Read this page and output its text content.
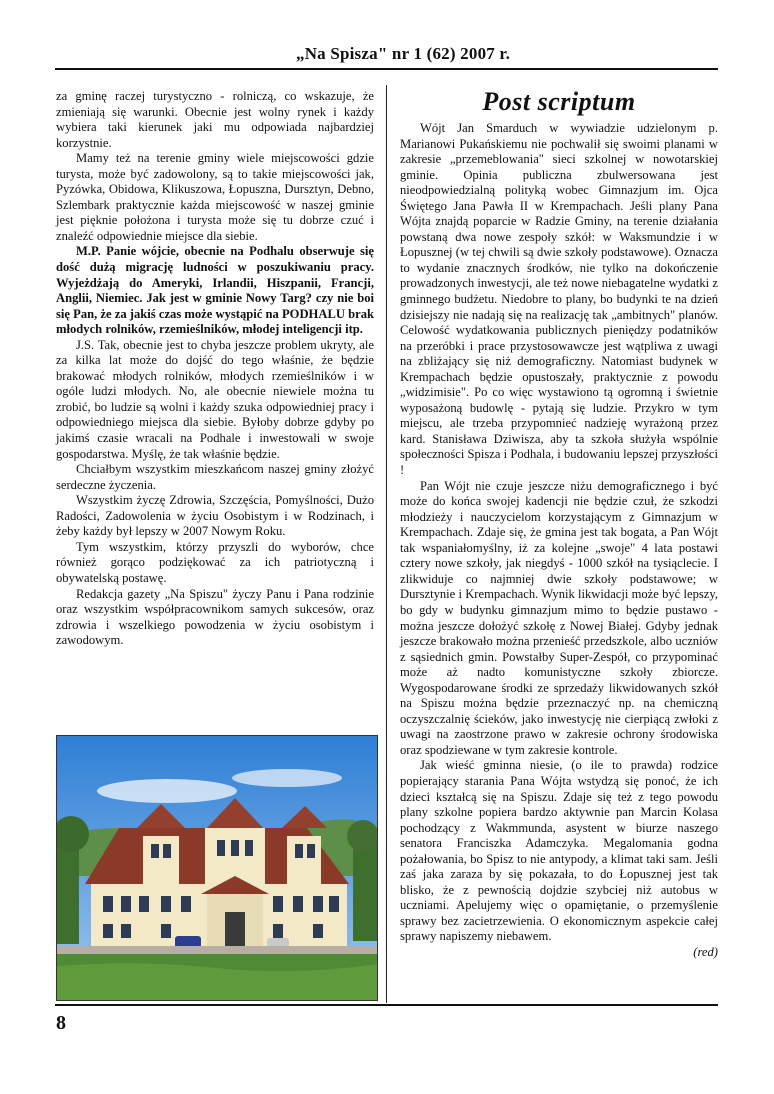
„Na Spisza" nr 1 (62) 2007 r.

za gminę raczej turystyczno - rolniczą, co wskazuje, że zmieniają się warunki. Obecnie jest wolny rynek i każdy wybiera taki kierunek jaki mu odpowiada najbardziej korzystnie.

Mamy też na terenie gminy wiele miejscowości gdzie turysta, może być zadowolony, są to takie miejscowości jak, Pyzówka, Obidowa, Klikuszowa, Łopuszna, Dursztyn, Debno, Szlembark praktycznie każda miejscowość w naszej gminie jest pięknie położona i turysta może się tu dobrze czuć i znaleźć odpowiednie miejsce dla siebie.

M.P. Panie wójcie, obecnie na Podhalu obserwuje się dość dużą migrację ludności w poszukiwaniu pracy. Wyjeżdżają do Ameryki, Irlandii, Hiszpanii, Francji, Anglii, Niemiec. Jak jest w gminie Nowy Targ? czy nie boi się Pan, że za jakiś czas może wystąpić na PODHALU brak młodych rolników, rzemieślników, młodej inteligencji itp.

J.S. Tak, obecnie jest to chyba jeszcze problem ukryty, ale za kilka lat może do dojść do tego właśnie, że będzie brakować młodych rolników, młodych rzemieślników i w ogóle ludzi młodych. No, ale obecnie niewiele można tu zrobić, bo ludzie są wolni i każdy szuka odpowiedniej pracy i odpowiedniego miejsca dla siebie. Byłoby dobrze gdyby po jakimś czasie wracali na Podhale i inwestowali w swoje gospodarstwa. Myślę, że tak właśnie będzie.

Chciałbym wszystkim mieszkańcom naszej gminy złożyć serdeczne życzenia.

Wszystkim życzę Zdrowia, Szczęścia, Pomyślności, Dużo Radości, Zadowolenia w życiu Osobistym i w Rodzinach, i żeby każdy był lepszy w 2007 Nowym Roku.

Tym wszystkim, którzy przyszli do wyborów, chce również gorąco podziękować za ich patriotyczną i obywatelską postawę.

Redakcja gazety „Na Spiszu" życzy Panu i Pana rodzinie oraz wszystkim współpracownikom samych sukcesów, oraz zdrowia i wszelkiego powodzenia w życiu osobistym i zawodowym.

Post scriptum

Wójt Jan Smarduch w wywiadzie udzielonym p. Marianowi Pukańskiemu nie pochwalił się swoimi planami w zakresie „przemeblowania" sieci szkolnej w nowotarskiej gminie. Opinia publiczna zbulwersowana jest nieodpowiedzialną polityką wobec Gimnazjum im. Ojca Świętego Jana Pawła II w Krempachach. Jeśli plany Pana Wójta znajdą poparcie w Radzie Gminy, na terenie działania powstaną dwa nowe zespoły szkół: w Waksmundzie i w Łopusznej (w tej chwili są dwie szkoły podstawowe). Oznacza to wydanie znacznych środków, nie tylko na dokończenie prowadzonych inwestycji, ale też nowe niebagatelne wydatki z gminnego budżetu. Niedobre to plany, bo budynki te na dzień dzisiejszy nie nadają się na realizację tak „ambitnych" planów. Celowość wydatkowania publicznych pieniędzy podatników na przeróbki i prace przystosowawcze jest wątpliwa z uwagi na zbliżający się niż demograficzny. Natomiast budynek w Krempachach będzie opustoszały, praktycznie z powodu „widzimisie". Po co więc wystawiono tą ogromną i świetnie wyposażoną budowlę - pytają się ludzie. Przykro w tym miejscu, ale trzeba przypomnieć nadzieję wyrażoną przez kard. Stanisława Dziwisza, aby ta szkoła służyła wspólnie społeczności Spisza i Podhala, i budowaniu lepszej przyszłości !

Pan Wójt nie czuje jeszcze niżu demograficznego i być może do końca swojej kadencji nie będzie czuł, że szkodzi młodzieży i nauczycielom korzystającym z Gimnazjum w Krempachach. Zdaje się, że gmina jest tak bogata, a Pan Wójt tak wspaniałomyślny, iż za kolejne „swoje" 4 lata postawi cztery nowe szkoły, jak niegdyś - 1000 szkół na tysiąclecie. I zlikwiduje co najmniej dwie szkoły podstawowe; w Dursztynie i Krempachach. Wynik likwidacji może być lepszy, bo gdy w budynku gimnazjum mimo to będzie pustawo - można jeszcze dołożyć szkołę z Nowej Białej. Gdyby jednak jeszcze brakowało można przenieść przedszkole, albo uczniów z sąsiednich gmin. Powstałby Super-Zespół, co przypominać może aż nadto komunistyczne szkoły zbiorcze. Wygospodarowane środki ze sprzedaży likwidowanych szkół na Spiszu można będzie przeznaczyć np. na chemiczną oczyszczalnię ścieków, jako inwestycję nie cierpiącą zwłoki z uwagi na zaostrzone prawo w zakresie ochrony środowiska oraz spodziewane w tym zakresie kontrole.

Jak wieść gminna niesie, (o ile to prawda) rodzice popierający starania Pana Wójta wstydzą się ponoć, że ich dzieci kształcą się na Spiszu. Zdaje się też z tego powodu plany szkolne popiera bardzo aktywnie pan Marcin Kolasa pochodzący z Wakmmunda, asystent w biurze naszego senatora Franciszka Adamczyka. Megalomania godna pożałowania, bo Spisz to nie antypody, a klimat taki sam. Jeśli zaś jaka zaraza by się pokazała, to do Łopusznej jest tak blisko, że z pewnością dojdzie szybciej niż autobus w uczniami. Apelujemy więc o opamiętanie, o przemyślenie sprawy bez zacietrzewienia. O ekonomicznym aspekcie całej sprawy napiszemy niebawem.

(red)

8
